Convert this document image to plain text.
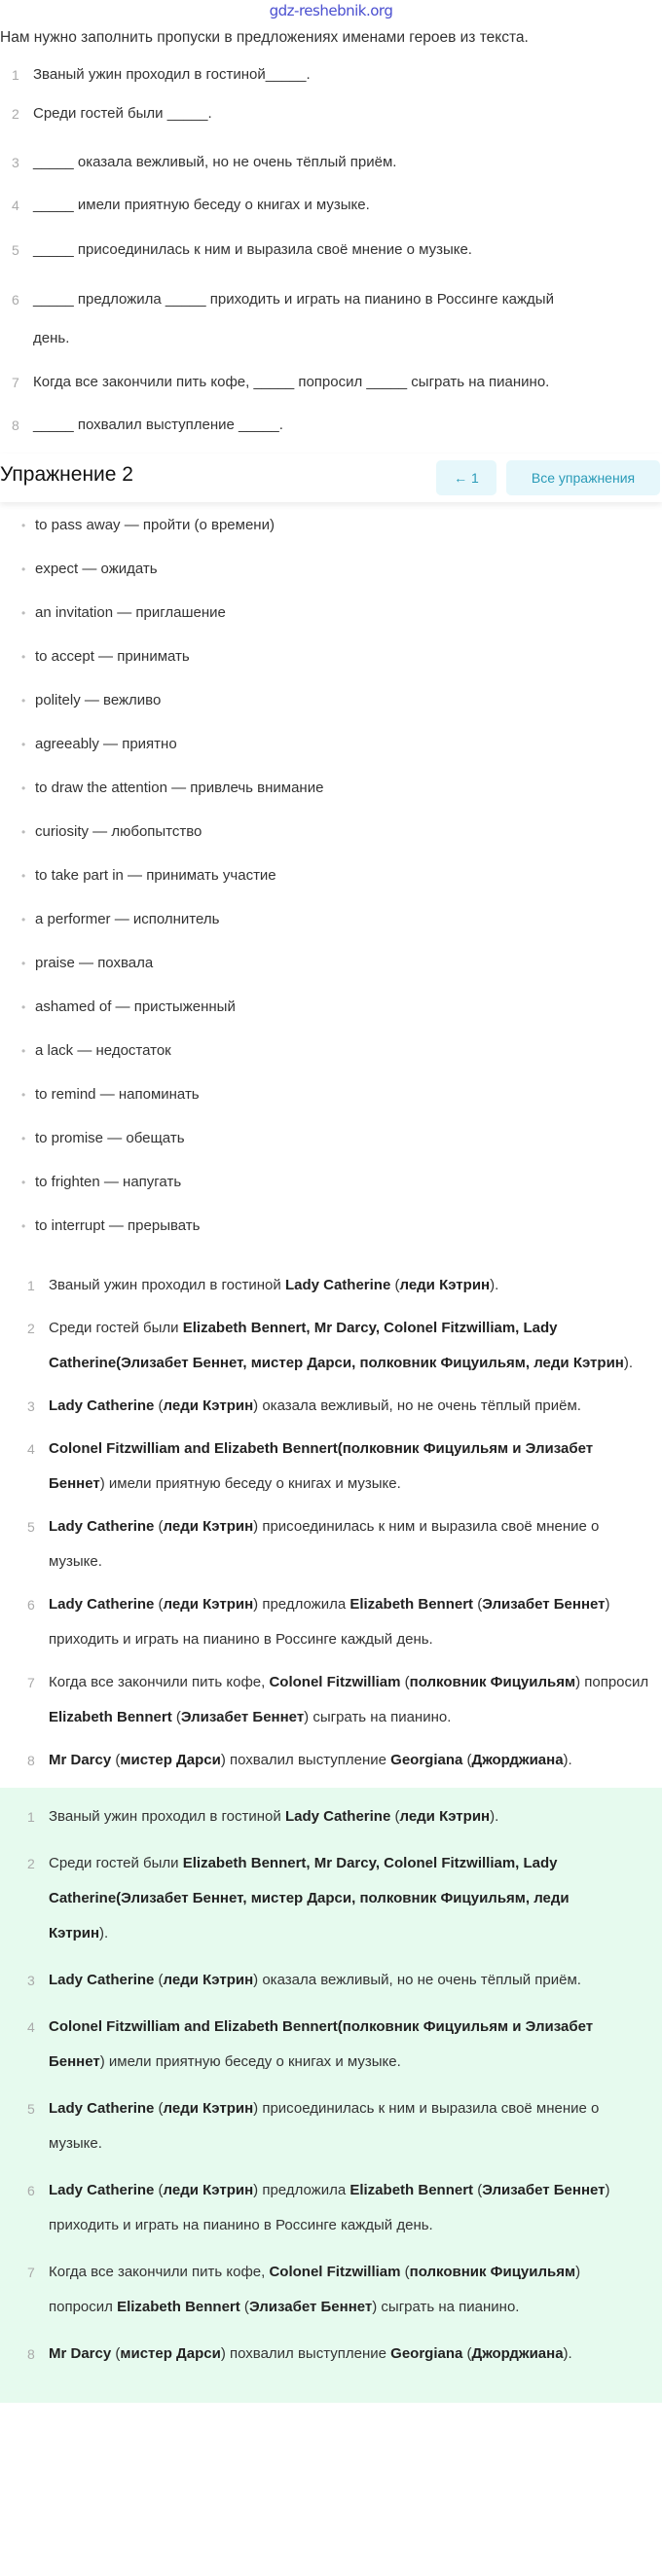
gdz-reshebnik.org
Нам нужно заполнить пропуски в предложениях именами героев из текста.
1 Званый ужин проходил в гостиной_____.
2 Среди гостей были _____.
3 _____ оказала вежливый, но не очень тёплый приём.
4 _____ имели приятную беседу о книгах и музыке.
5 _____ присоединилась к ним и выразила своё мнение о музыке.
6 _____ предложила _____ приходить и играть на пианино в Россинге каждый день.
7 Когда все закончили пить кофе, _____ попросил _____ сыграть на пианино.
8 _____ похвалил выступление _____.
Упражнение 2	← 1	Все упражнения
• to pass away — пройти (о времени)
• expect — ожидать
• an invitation — приглашение
• to accept — принимать
• politely — вежливо
• agreeably — приятно
• to draw the attention — привлечь внимание
• curiosity — любопытство
• to take part in — принимать участие
• a performer — исполнитель
• praise — похвала
• ashamed of — пристыженный
• a lack — недостаток
• to remind — напоминать
• to promise — обещать
• to frighten — напугать
• to interrupt — прерывать
1 Званый ужин проходил в гостиной Lady Catherine (леди Кэтрин).
2 Среди гостей были Elizabeth Bennert, Mr Darcy, Colonel Fitzwilliam, Lady Catherine(Элизабет Беннет, мистер Дарси, полковник Фицуильям, леди Кэтрин).
3 Lady Catherine (леди Кэтрин) оказала вежливый, но не очень тёплый приём.
4 Colonel Fitzwilliam and Elizabeth Bennert(полковник Фицуильям и Элизабет Беннет) имели приятную беседу о книгах и музыке.
5 Lady Catherine (леди Кэтрин) присоединилась к ним и выразила своё мнение о музыке.
6 Lady Catherine (леди Кэтрин) предложила Elizabeth Bennert (Элизабет Беннет) приходить и играть на пианино в Россинге каждый день.
7 Когда все закончили пить кофе, Colonel Fitzwilliam (полковник Фицуильям) попросил Elizabeth Bennert (Элизабет Беннет) сыграть на пианино.
8 Mr Darcy (мистер Дарси) похвалил выступление Georgiana (Джорджиана).
1 Званый ужин проходил в гостиной Lady Catherine (леди Кэтрин).
2 Среди гостей были Elizabeth Bennert, Mr Darcy, Colonel Fitzwilliam, Lady Catherine(Элизабет Беннет, мистер Дарси, полковник Фицуильям, леди Кэтрин).
3 Lady Catherine (леди Кэтрин) оказала вежливый, но не очень тёплый приём.
4 Colonel Fitzwilliam and Elizabeth Bennert(полковник Фицуильям и Элизабет Беннет) имели приятную беседу о книгах и музыке.
5 Lady Catherine (леди Кэтрин) присоединилась к ним и выразила своё мнение о музыке.
6 Lady Catherine (леди Кэтрин) предложила Elizabeth Bennert (Элизабет Беннет) приходить и играть на пианино в Россинге каждый день.
7 Когда все закончили пить кофе, Colonel Fitzwilliam (полковник Фицуильям) попросил Elizabeth Bennert (Элизабет Беннет) сыграть на пианино.
8 Mr Darcy (мистер Дарси) похвалил выступление Georgiana (Джорджиана).
